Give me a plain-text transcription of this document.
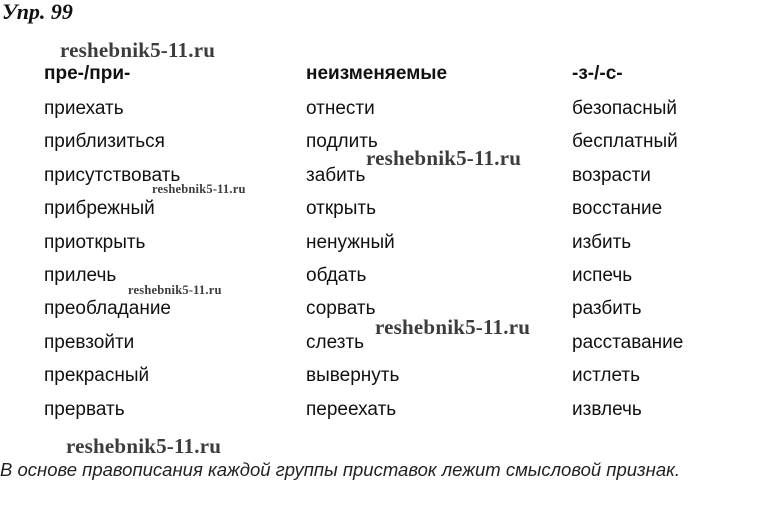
Упр. 99
reshebnik5-11.ru
reshebnik5-11.ru
reshebnik5-11.ru
reshebnik5-11.ru
reshebnik5-11.ru
reshebnik5-11.ru
пре-/при-
приехать
приблизиться
присутствовать
прибрежный
приоткрыть
прилечь
преобладание
превзойти
прекрасный
прервать
неизменяемые
отнести
подлить
забить
открыть
ненужный
обдать
сорвать
слезть
вывернуть
переехать
-з-/-с-
безопасный
бесплатный
возрасти
восстание
избить
испечь
разбить
расставание
истлеть
извлечь
В основе правописания каждой группы приставок лежит смысловой признак.
